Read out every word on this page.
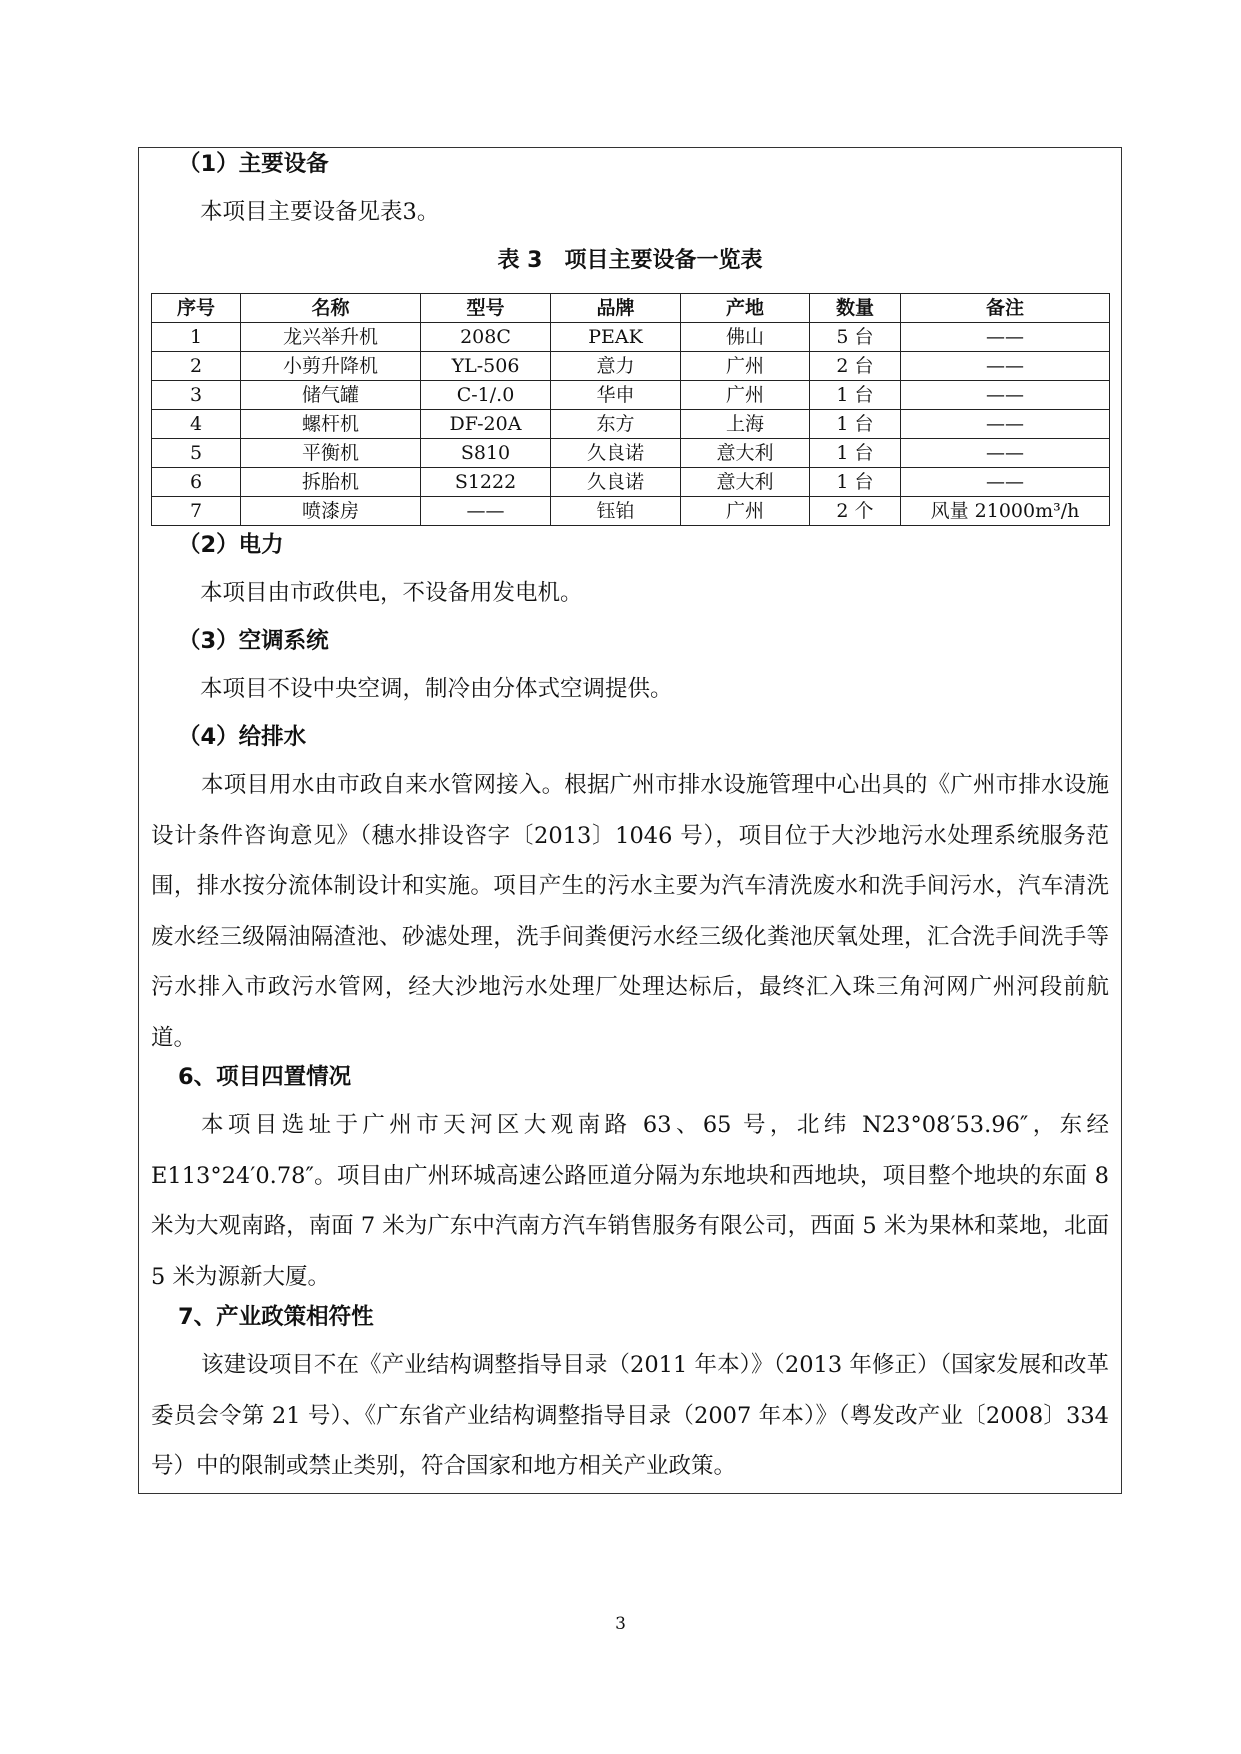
（1）主要设备
本项目主要设备见表3。
表 3　项目主要设备一览表
序号	名称	型号	品牌	产地	数量	备注
1	龙兴举升机	208C	PEAK	佛山	5 台	——
2	小剪升降机	YL-506	意力	广州	2 台	——
3	储气罐	C-1/.0	华申	广州	1 台	——
4	螺杆机	DF-20A	东方	上海	1 台	——
5	平衡机	S810	久良诺	意大利	1 台	——
6	拆胎机	S1222	久良诺	意大利	1 台	——
7	喷漆房	——	钰铂	广州	2 个	风量 21000m³/h
（2）电力
本项目由市政供电，不设备用发电机。
（3）空调系统
本项目不设中央空调，制冷由分体式空调提供。
（4）给排水
本项目用水由市政自来水管网接入。根据广州市排水设施管理中心出具的《广州市排水设施设计条件咨询意见》（穗水排设咨字〔2013〕1046 号），项目位于大沙地污水处理系统服务范围，排水按分流体制设计和实施。项目产生的污水主要为汽车清洗废水和洗手间污水，汽车清洗废水经三级隔油隔渣池、砂滤处理，洗手间粪便污水经三级化粪池厌氧处理，汇合洗手间洗手等污水排入市政污水管网，经大沙地污水处理厂处理达标后，最终汇入珠三角河网广州河段前航道。
6、项目四置情况
本项目选址于广州市天河区大观南路 63、65 号，北纬 N23°08′53.96″，东经 E113°24′0.78″。项目由广州环城高速公路匝道分隔为东地块和西地块，项目整个地块的东面 8 米为大观南路，南面 7 米为广东中汽南方汽车销售服务有限公司，西面 5 米为果林和菜地，北面 5 米为源新大厦。
7、产业政策相符性
该建设项目不在《产业结构调整指导目录（2011 年本）》（2013 年修正）（国家发展和改革委员会令第 21 号）、《广东省产业结构调整指导目录（2007 年本）》（粤发改产业〔2008〕334 号）中的限制或禁止类别，符合国家和地方相关产业政策。
3
